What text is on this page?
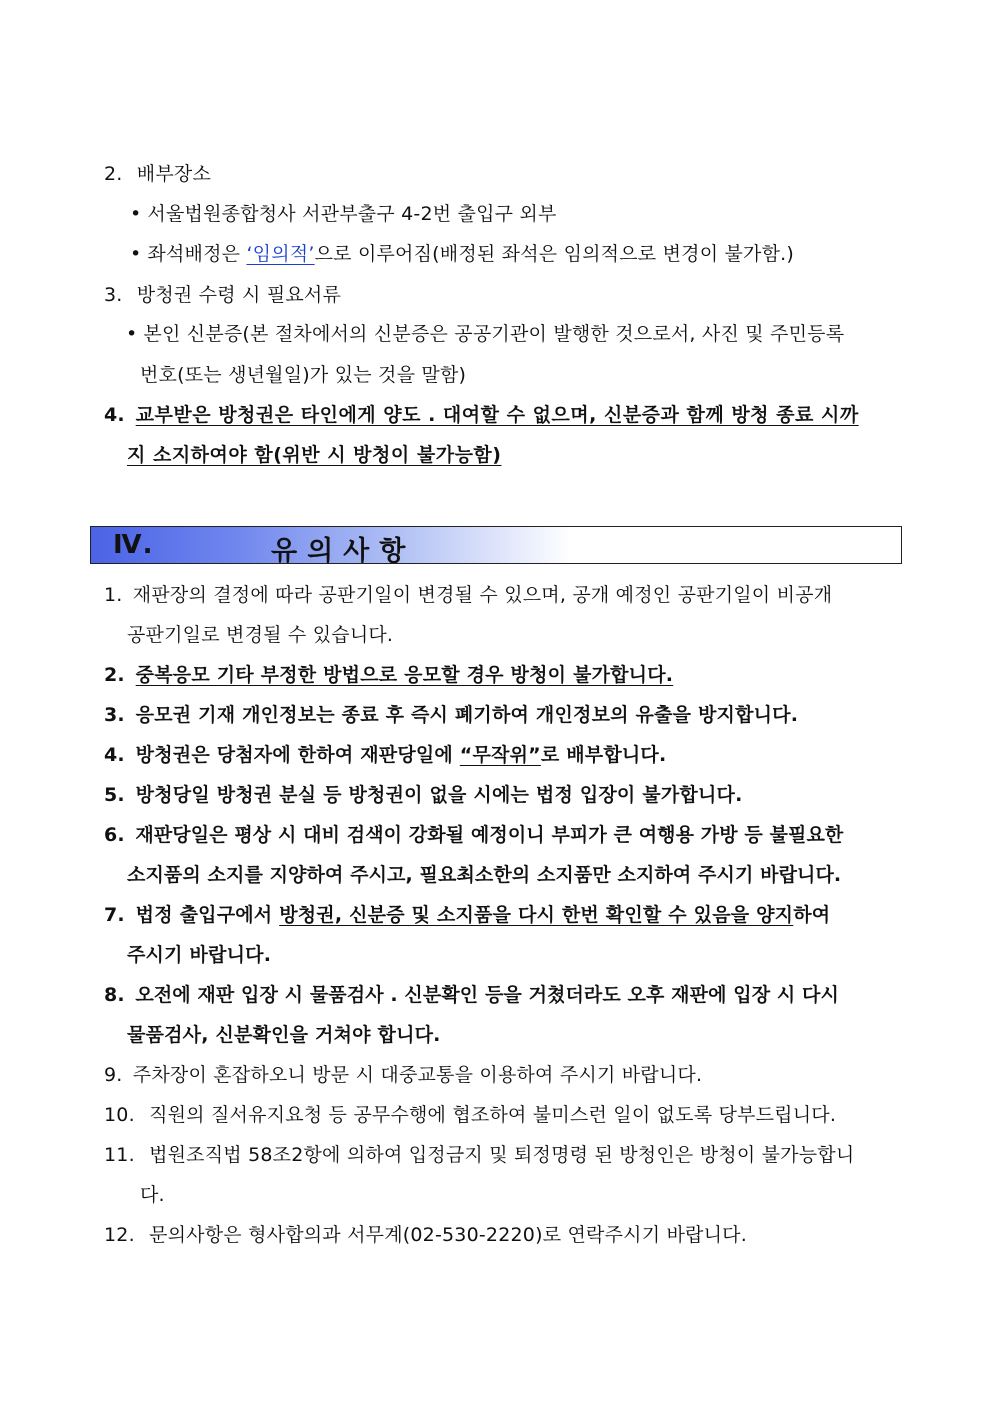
2. 배부장소
• 서울법원종합청사 서관부출구 4-2번 출입구 외부
• 좌석배정은 ‘임의적’으로 이루어짐(배정된 좌석은 임의적으로 변경이 불가함.)
3. 방청권 수령 시 필요서류
• 본인 신분증(본 절차에서의 신분증은 공공기관이 발행한 것으로서, 사진 및 주민등록
번호(또는 생년월일)가 있는 것을 말함)
4. 교부받은 방청권은 타인에게 양도 . 대여할 수 없으며, 신분증과 함께 방청 종료 시까
지 소지하여야 함(위반 시 방청이 불가능함)
Ⅳ.	유의사항
1. 재판장의 결정에 따라 공판기일이 변경될 수 있으며, 공개 예정인 공판기일이 비공개
공판기일로 변경될 수 있습니다.
2. 중복응모 기타 부정한 방법으로 응모할 경우 방청이 불가합니다.
3. 응모권 기재 개인정보는 종료 후 즉시 폐기하여 개인정보의 유출을 방지합니다.
4. 방청권은 당첨자에 한하여 재판당일에 “무작위”로 배부합니다.
5. 방청당일 방청권 분실 등 방청권이 없을 시에는 법정 입장이 불가합니다.
6. 재판당일은 평상 시 대비 검색이 강화될 예정이니 부피가 큰 여행용 가방 등 불필요한
소지품의 소지를 지양하여 주시고, 필요최소한의 소지품만 소지하여 주시기 바랍니다.
7. 법정 출입구에서 방청권, 신분증 및 소지품을 다시 한번 확인할 수 있음을 양지하여
주시기 바랍니다.
8. 오전에 재판 입장 시 물품검사 . 신분확인 등을 거쳤더라도 오후 재판에 입장 시 다시
물품검사, 신분확인을 거쳐야 합니다.
9. 주차장이 혼잡하오니 방문 시 대중교통을 이용하여 주시기 바랍니다.
10. 직원의 질서유지요청 등 공무수행에 협조하여 불미스런 일이 없도록 당부드립니다.
11. 법원조직법 58조2항에 의하여 입정금지 및 퇴정명령 된 방청인은 방청이 불가능합니
다.
12. 문의사항은 형사합의과 서무계(02-530-2220)로 연락주시기 바랍니다.
